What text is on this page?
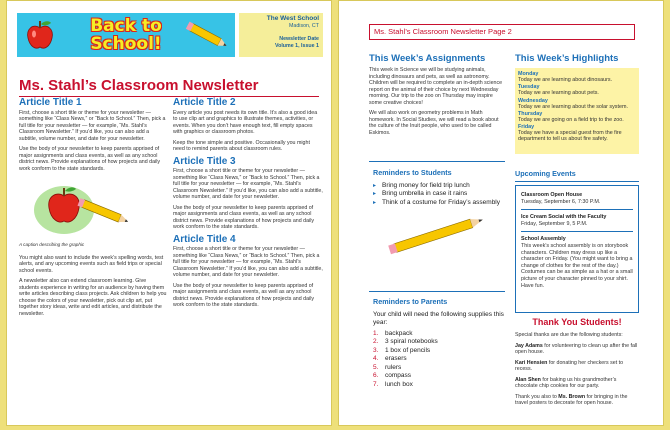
Back to
School!
The West School
Madison, CT
Newsletter Date
Volume 1, Issue 1
Ms. Stahl’s Classroom Newsletter
Article Title 1

First, choose a short title or theme for your newsletter — something like “Class News,” or “Back to School.” Then, pick a full title for your newsletter — for example, “Ms. Stahl’s Classroom Newsletter.” If you’d like, you can also add a subtitle, volume number, and date for your newsletter.

Use the body of your newsletter to keep parents apprised of major assignments and class events, as well as any school district news. Provide explanations of how projects and daily work conform to the state standards.

A caption describing the graphic

You might also want to include the week’s spelling words, test alerts, and any upcoming events such as field trips or special school events.

A newsletter also can extend classroom learning. Give students experience in writing for an audience by having them write articles describing class projects. Ask children to help you choose the colors of your newsletter, pick out clip art, put together story ideas, write and edit articles, and distribute the newsletter.

Article Title 2

Every article you post needs its own title. It’s also a good idea to use clip art and graphics to illustrate themes, activities, or events. When you don’t have enough text, fill empty spaces with graphics or classroom photos.

Keep the tone simple and positive. Occasionally you might need to remind parents about classroom rules.

Article Title 3

First, choose a short title or theme for your newsletter — something like “Class News,” or “Back to School.” Then, pick a full title for your newsletter — for example, “Ms. Stahl’s Classroom Newsletter.” If you’d like, you can also add a subtitle, volume number, and date for your newsletter.

Use the body of your newsletter to keep parents apprised of major assignments and class events, as well as any school district news. Provide explanations of how projects and daily work conform to the state standards.

Article Title 4

First, choose a short title or theme for your newsletter — something like “Class News,” or “Back to School.” Then, pick a full title for your newsletter — for example, “Ms. Stahl’s Classroom Newsletter.” If you’d like, you can also add a subtitle, volume number, and date for your newsletter.

Use the body of your newsletter to keep parents apprised of major assignments and class events, as well as any school district news. Provide explanations of how projects and daily work conform to the state standards.

Ms. Stahl’s Classroom Newsletter Page 2
This Week’s Assignments

This week in Science we will be studying animals, including dinosaurs and pets, as well as astronomy. Children will be required to complete an in-depth science report on the animal of their choice by next Wednesday morning. Our trip to the zoo on Thursday may inspire some creative choices!

We will also work on geometry problems in Math homework. In Social Studies, we will read a book about the culture of the Inuit people, who used to be called Eskimos.

Reminders to Students
▸ Bring money for field trip lunch
▸ Bring umbrella in case it rains
▸ Think of a costume for Friday’s assembly
Reminders to Parents
Your child will need the following supplies this year:
1. backpack
2. 3 spiral notebooks
3. 1 box of pencils
4. erasers
5. rulers
6. compass
7. lunch box
This Week’s Highlights
Monday
Today we are learning about dinosaurs.
Tuesday
Today we are learning about pets.
Wednesday
Today we are learning about the solar system.
Thursday
Today we are going on a field trip to the zoo.
Friday
Today we have a special guest from the fire department to tell us about fire safety.
Upcoming Events
Classroom Open House
Tuesday, September 6, 7:30 P.M.
Ice Cream Social with the Faculty
Friday, September 9, 5 P.M.
School Assembly
This week’s school assembly is on storybook characters. Children may dress up like a character on Friday. (You might want to bring a change of clothes for the rest of the day.) Costumes can be as simple as a hat or a small picture of your character pinned to your shirt. Have fun.
Thank You Students!

Special thanks are due the following students:

Jay Adams for volunteering to clean up after the fall open house.

Kari Hensien for donating her checkers set to recess.

Alan Shen for baking us his grandmother’s chocolate chip cookies for our party.

Thank you also to Ms. Brown for bringing in the travel posters to decorate for open house.
